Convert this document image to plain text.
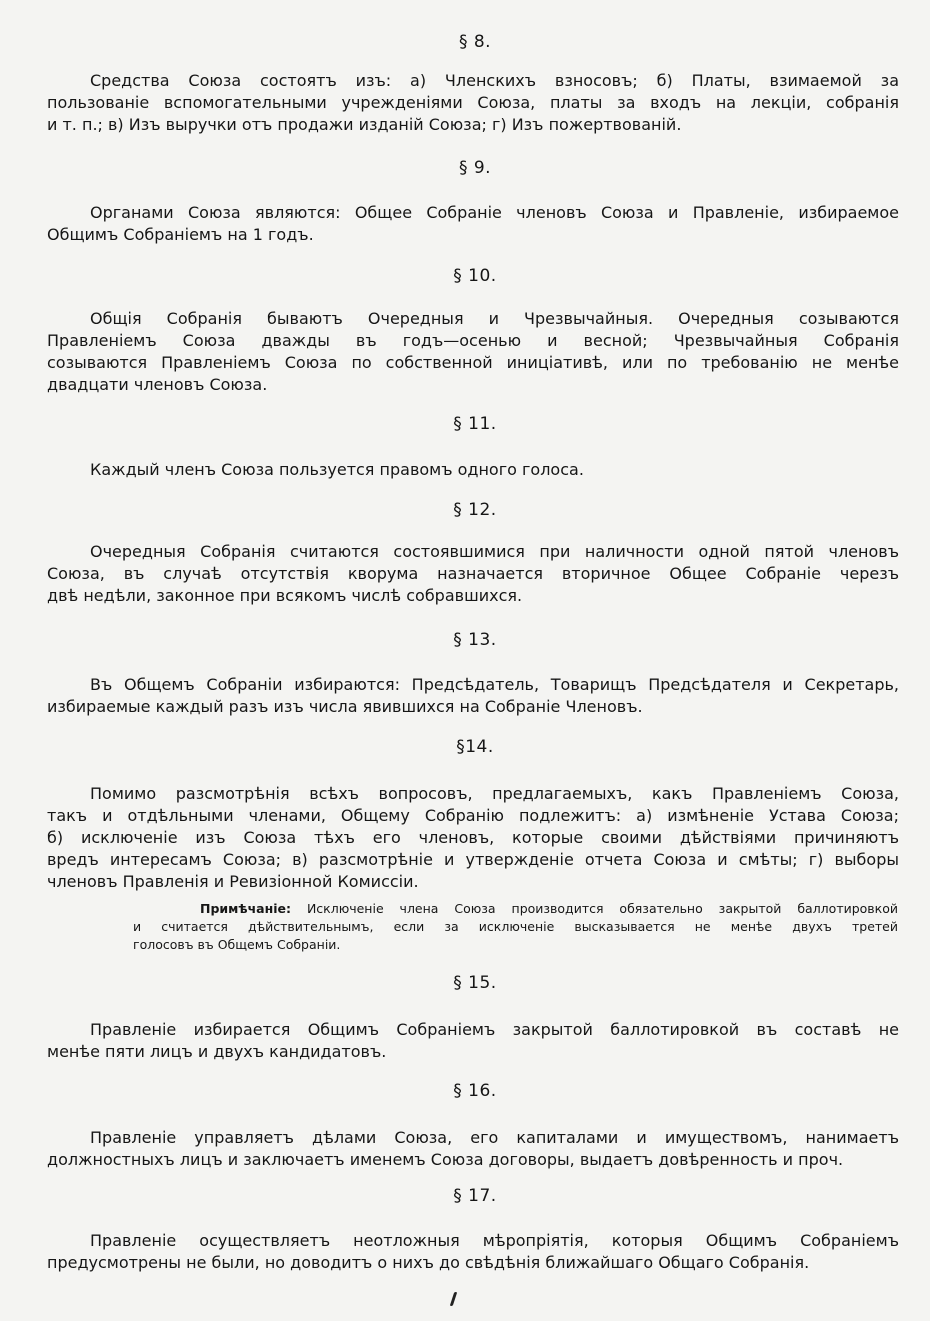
§ 8.
Средства Союза состоятъ изъ: а) Членскихъ взносовъ; б) Платы, взимаемой за
пользованіе вспомогательными учрежденіями Союза, платы за входъ на лекціи, собранія
и т. п.; в) Изъ выручки отъ продажи изданій Союза; г) Изъ пожертвованій.
§ 9.
Органами Союза являются: Общее Собраніе членовъ Союза и Правленіе, избираемое
Общимъ Собраніемъ на 1 годъ.
§ 10.
Общія Собранія бываютъ Очередныя и Чрезвычайныя. Очередныя созываются
Правленіемъ Союза дважды въ годъ—осенью и весной; Чрезвычайныя Собранія
созываются Правленіемъ Союза по собственной иниціативѣ, или по требованію не менѣе
двадцати членовъ Союза.
§ 11.
Каждый членъ Союза пользуется правомъ одного голоса.
§ 12.
Очередныя Собранія считаются состоявшимися при наличности одной пятой членовъ
Союза, въ случаѣ отсутствія кворума назначается вторичное Общее Собраніе черезъ
двѣ недѣли, законное при всякомъ числѣ собравшихся.
§ 13.
Въ Общемъ Собраніи избираются: Предсѣдатель, Товарищъ Предсѣдателя и Секретарь,
избираемые каждый разъ изъ числа явившихся на Собраніе Членовъ.
§14.
Помимо разсмотрѣнія всѣхъ вопросовъ, предлагаемыхъ, какъ Правленіемъ Союза,
такъ и отдѣльными членами, Общему Собранію подлежитъ: а) измѣненіе Устава Союза;
б) исключеніе изъ Союза тѣхъ его членовъ, которые своими дѣйствіями причиняютъ
вредъ интересамъ Союза; в) разсмотрѣніе и утвержденіе отчета Союза и смѣты; г) выборы
членовъ Правленія и Ревизіонной Комиссіи.
Примѣчаніе: Исключеніе члена Союза производится обязательно закрытой баллотировкой
и считается дѣйствительнымъ, если за исключеніе высказывается не менѣе двухъ третей
голосовъ въ Общемъ Собраніи.
§ 15.
Правленіе избирается Общимъ Собраніемъ закрытой баллотировкой въ составѣ не
менѣе пяти лицъ и двухъ кандидатовъ.
§ 16.
Правленіе управляетъ дѣлами Союза, его капиталами и имуществомъ, нанимаетъ
должностныхъ лицъ и заключаетъ именемъ Союза договоры, выдаетъ довѣренность и проч.
§ 17.
Правленіе осуществляетъ неотложныя мѣропріятія, которыя Общимъ Собраніемъ
предусмотрены не были, но доводитъ о нихъ до свѣдѣнія ближайшаго Общаго Собранія.
